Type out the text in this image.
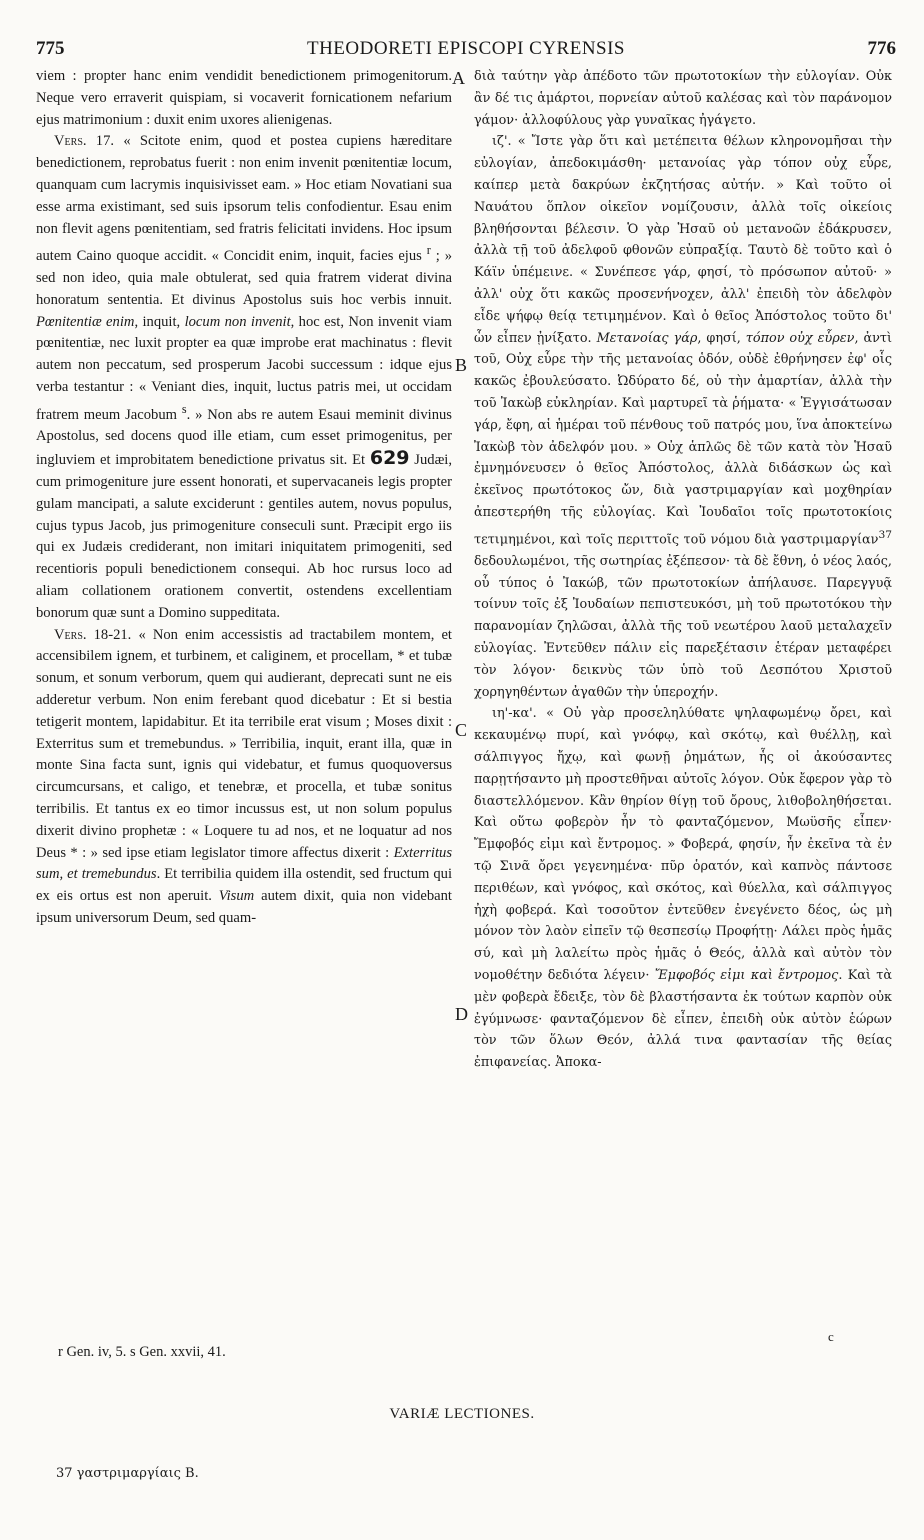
775	THEODORETI EPISCOPI CYRENSIS	776
A
B
C
D

viem : propter hanc enim vendidit benedictionem primogenitorum. Neque vero erraverit quispiam, si vocaverit fornicationem nefarium ejus matrimonium : duxit enim uxores alienigenas.

Vers. 17. « Scitote enim, quod et postea cupiens hæreditare benedictionem, reprobatus fuerit : non enim invenit pœnitentiæ locum, quanquam cum lacrymis inquisivisset eam. » Hoc etiam Novatiani sua esse arma existimant, sed suis ipsorum telis confodientur. Esau enim non flevit agens pœnitentiam, sed fratris felicitati invidens. Hoc ipsum autem Caino quoque accidit. « Concidit enim, inquit, facies ejus $^r$ ; » sed non ideo, quia male obtulerat, sed quia fratrem viderat divina honoratum sententia. Et divinus Apostolus suis hoc verbis innuit. Pœnitentiæ enim, inquit, locum non invenit, hoc est, Non invenit viam pœnitentiæ, nec luxit propter ea quæ improbe erat machinatus : flevit autem non peccatum, sed prosperum Jacobi successum : idque ejus verba testantur : « Veniant dies, inquit, luctus patris mei, ut occidam fratrem meum Jacobum $^s$. » Non abs re autem Esaui meminit divinus Apostolus, sed docens quod ille etiam, cum esset primogenitus, per ingluviem et improbitatem benedictione privatus sit. Et 629 Judæi, cum primogeniture jure essent honorati, et supervacaneis legis propter gulam mancipati, a salute exciderunt : gentiles autem, novus populus, cujus typus Jacob, jus primogeniture conseculi sunt. Præcipit ergo iis qui ex Judæis crediderant, non imitari iniquitatem primogeniti, sed recentioris populi benedictionem consequi. Ab hoc rursus loco ad aliam collationem orationem convertit, ostendens excellentiam bonorum quæ sunt a Domino suppeditata.

Vers. 18-21. « Non enim accessistis ad tractabilem montem, et accensibilem ignem, et turbinem, et caliginem, et procellam, * et tubæ sonum, et sonum verborum, quem qui audierant, deprecati sunt ne eis adderetur verbum. Non enim ferebant quod dicebatur : Et si bestia tetigerit montem, lapidabitur. Et ita terribile erat visum ; Moses dixit : Exterritus sum et tremebundus. » Terribilia, inquit, erant illa, quæ in monte Sina facta sunt, ignis qui videbatur, et fumus quoquoversus circumcursans, et caligo, et tenebræ, et procella, et tubæ sonitus terribilis. Et tantus ex eo timor incussus est, ut non solum populus dixerit divino prophetæ : « Loquere tu ad nos, et ne loquatur ad nos Deus * : » sed ipse etiam legislator timore affectus dixerit : Exterritus sum, et tremebundus. Et terribilia quidem illa ostendit, sed fructum qui ex eis ortus est non aperuit. Visum autem dixit, quia non videbant ipsum universorum Deum, sed quam-

διὰ ταύτην γὰρ ἀπέδοτο τῶν πρωτοτοκίων τὴν εὐλογίαν. Οὐκ ἂν δέ τις ἁμάρτοι, πορνείαν αὐτοῦ καλέσας καὶ τὸν παράνομον γάμον· ἀλλοφύλους γὰρ γυναῖκας ἠγάγετο.

ιζ'. « Ἴστε γὰρ ὅτι καὶ μετέπειτα θέλων κληρονομῆσαι τὴν εὐλογίαν, ἀπεδοκιμάσθη· μετανοίας γὰρ τόπον οὐχ εὗρε, καίπερ μετὰ δακρύων ἐκζητήσας αὐτήν. » Καὶ τοῦτο οἱ Ναυάτου ὅπλον οἰκεῖον νομίζουσιν, ἀλλὰ τοῖς οἰκείοις βληθήσονται βέλεσιν. Ὁ γὰρ Ἡσαῦ οὐ μετανοῶν ἐδάκρυσεν, ἀλλὰ τῇ τοῦ ἀδελφοῦ φθονῶν εὐπραξίᾳ. Ταυτὸ δὲ τοῦτο καὶ ὁ Κάϊν ὑπέμεινε. « Συνέπεσε γάρ, φησί, τὸ πρόσωπον αὐτοῦ· » ἀλλ' οὐχ ὅτι κακῶς προσενήνοχεν, ἀλλ' ἐπειδὴ τὸν ἀδελφὸν εἶδε ψήφῳ θείᾳ τετιμημένον. Καὶ ὁ θεῖος Ἀπόστολος τοῦτο δι' ὧν εἶπεν ᾐνίξατο. Μετανοίας γάρ, φησί, τόπον οὐχ εὗρεν, ἀντὶ τοῦ, Οὐχ εὗρε τὴν τῆς μετανοίας ὁδόν, οὐδὲ ἐθρήνησεν ἐφ' οἷς κακῶς ἐβουλεύσατο. Ὠδύρατο δέ, οὐ τὴν ἁμαρτίαν, ἀλλὰ τὴν τοῦ Ἰακὼβ εὐκληρίαν. Καὶ μαρτυρεῖ τὰ ῥήματα· « Ἐγγισάτωσαν γάρ, ἔφη, αἱ ἡμέραι τοῦ πένθους τοῦ πατρός μου, ἵνα ἀποκτείνω Ἰακὼβ τὸν ἀδελφόν μου. » Οὐχ ἁπλῶς δὲ τῶν κατὰ τὸν Ἡσαῦ ἐμνημόνευσεν ὁ θεῖος Ἀπόστολος, ἀλλὰ διδάσκων ὡς καὶ ἐκεῖνος πρωτότοκος ὤν, διὰ γαστριμαργίαν καὶ μοχθηρίαν ἀπεστερήθη τῆς εὐλογίας. Καὶ Ἰουδαῖοι τοῖς πρωτοτοκίοις τετιμημένοι, καὶ τοῖς περιττοῖς τοῦ νόμου διὰ γαστριμαργίαν$^{37}$ δεδουλωμένοι, τῆς σωτηρίας ἐξέπεσον· τὰ δὲ ἔθνη, ὁ νέος λαός, οὗ τύπος ὁ Ἰακώβ, τῶν πρωτοτοκίων ἀπήλαυσε. Παρεγγυᾷ τοίνυν τοῖς ἐξ Ἰουδαίων πεπιστευκόσι, μὴ τοῦ πρωτοτόκου τὴν παρανομίαν ζηλῶσαι, ἀλλὰ τῆς τοῦ νεωτέρου λαοῦ μεταλαχεῖν εὐλογίας. Ἐντεῦθεν πάλιν εἰς παρεξέτασιν ἑτέραν μεταφέρει τὸν λόγον· δεικνὺς τῶν ὑπὸ τοῦ Δεσπότου Χριστοῦ χορηγηθέντων ἀγαθῶν τὴν ὑπεροχήν.

ιη'-κα'. « Οὐ γὰρ προσεληλύθατε ψηλαφωμένῳ ὄρει, καὶ κεκαυμένῳ πυρί, καὶ γνόφῳ, καὶ σκότῳ, καὶ θυέλλῃ, καὶ σάλπιγγος ἤχῳ, καὶ φωνῇ ῥημάτων, ἧς οἱ ἀκούσαντες παρῃτήσαντο μὴ προστεθῆναι αὐτοῖς λόγον. Οὐκ ἔφερον γὰρ τὸ διαστελλόμενον. Κἂν θηρίον θίγῃ τοῦ ὄρους, λιθοβοληθήσεται. Καὶ οὕτω φοβερὸν ἦν τὸ φανταζόμενον, Μωϋσῆς εἶπεν· Ἔμφοβός εἰμι καὶ ἔντρομος. » Φοβερά, φησίν, ἦν ἐκεῖνα τὰ ἐν τῷ Σινᾶ ὄρει γεγενημένα· πῦρ ὁρατόν, καὶ καπνὸς πάντοσε περιθέων, καὶ γνόφος, καὶ σκότος, καὶ θύελλα, καὶ σάλπιγγος ἠχὴ φοβερά. Καὶ τοσοῦτον ἐντεῦθεν ἐνεγένετο δέος, ὡς μὴ μόνον τὸν λαὸν εἰπεῖν τῷ θεσπεσίῳ Προφήτῃ· Λάλει πρὸς ἡμᾶς σύ, καὶ μὴ λαλείτω πρὸς ἡμᾶς ὁ Θεός, ἀλλὰ καὶ αὐτὸν τὸν νομοθέτην δεδιότα λέγειν· Ἔμφοβός εἰμι καὶ ἔντρομος. Καὶ τὰ μὲν φοβερὰ ἔδειξε, τὸν δὲ βλαστήσαντα ἐκ τούτων καρπὸν οὐκ ἐγύμνωσε· φανταζόμενον δὲ εἶπεν, ἐπειδὴ οὐκ αὐτὸν ἑώρων τὸν τῶν ὅλων Θεόν, ἀλλά τινα φαντασίαν τῆς θείας ἐπιφανείας. Ἀποκα-

c
r Gen. iv, 5. s Gen. xxvii, 41.
VARIÆ LECTIONES.
37 γαστριμαργίαις B.
